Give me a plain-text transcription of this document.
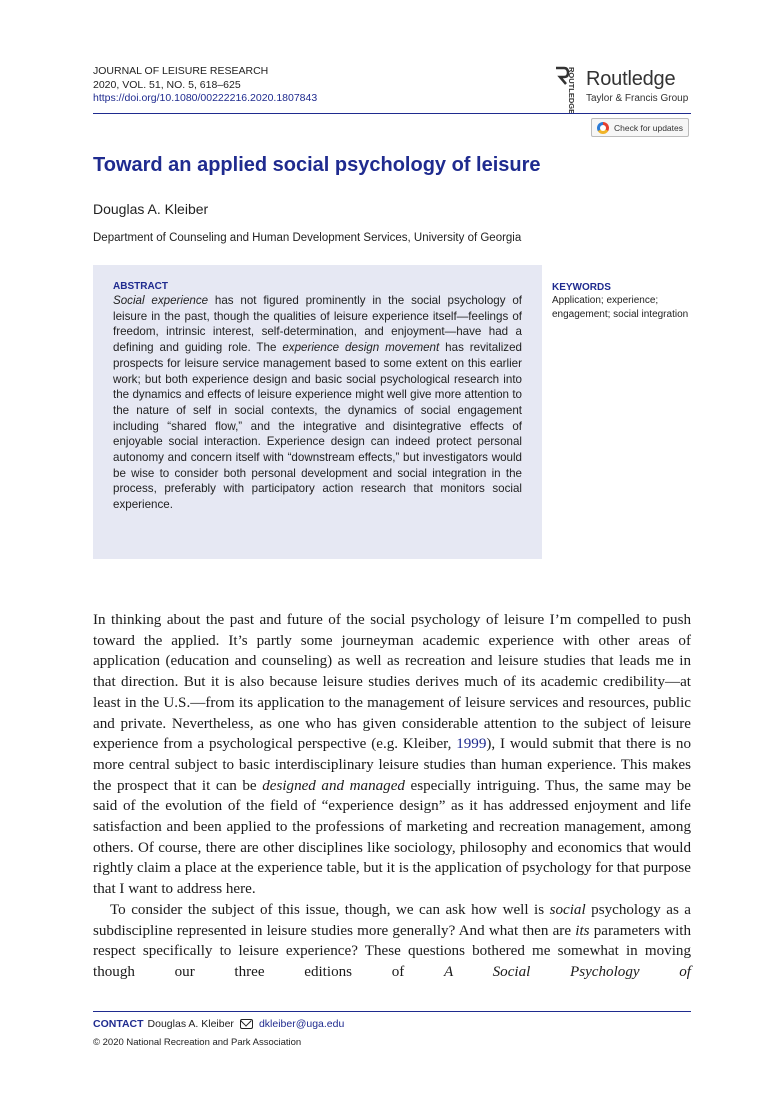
JOURNAL OF LEISURE RESEARCH
2020, VOL. 51, NO. 5, 618–625
https://doi.org/10.1080/00222216.2020.1807843	ROUTLEDGE Routledge
Taylor & Francis Group
Check for updates
Toward an applied social psychology of leisure
Douglas A. Kleiber
Department of Counseling and Human Development Services, University of Georgia
ABSTRACT
Social experience has not figured prominently in the social psychology of leisure in the past, though the qualities of leisure experience itself—feelings of freedom, intrinsic interest, self-determination, and enjoyment—have had a defining and guiding role. The experience design movement has revitalized prospects for leisure service management based to some extent on this earlier work; but both experience design and basic social psychological research into the dynamics and effects of leisure experience might well give more attention to the nature of self in social contexts, the dynamics of social engagement including “shared flow,” and the integrative and disintegrative effects of enjoyable social interaction. Experience design can indeed protect personal autonomy and concern itself with “downstream effects,” but investigators would be wise to consider both personal development and social integration in the process, preferably with participatory action research that monitors social experience.
KEYWORDS
Application; experience; engagement; social integration

In thinking about the past and future of the social psychology of leisure I’m compelled to push toward the applied. It’s partly some journeyman academic experience with other areas of application (education and counseling) as well as recreation and leisure studies that leads me in that direction. But it is also because leisure studies derives much of its academic credibility—at least in the U.S.—from its application to the management of leisure services and resources, public and private. Nevertheless, as one who has given considerable attention to the subject of leisure experience from a psychological perspective (e.g. Kleiber, 1999), I would submit that there is no more central subject to basic interdisciplinary leisure studies than human experience. This makes the prospect that it can be designed and managed especially intriguing. Thus, the same may be said of the evolution of the field of “experience design” as it has addressed enjoyment and life satisfaction and been applied to the professions of marketing and recreation management, among others. Of course, there are other disciplines like sociology, philosophy and economics that would rightly claim a place at the experience table, but it is the application of psychology for that purpose that I want to address here.

To consider the subject of this issue, though, we can ask how well is social psychology as a subdiscipline represented in leisure studies more generally? And what then are its parameters with respect specifically to leisure experience? These questions bothered me somewhat in moving though our three editions of A Social Psychology of

CONTACT Douglas A. Kleiber dkleiber@uga.edu
© 2020 National Recreation and Park Association
